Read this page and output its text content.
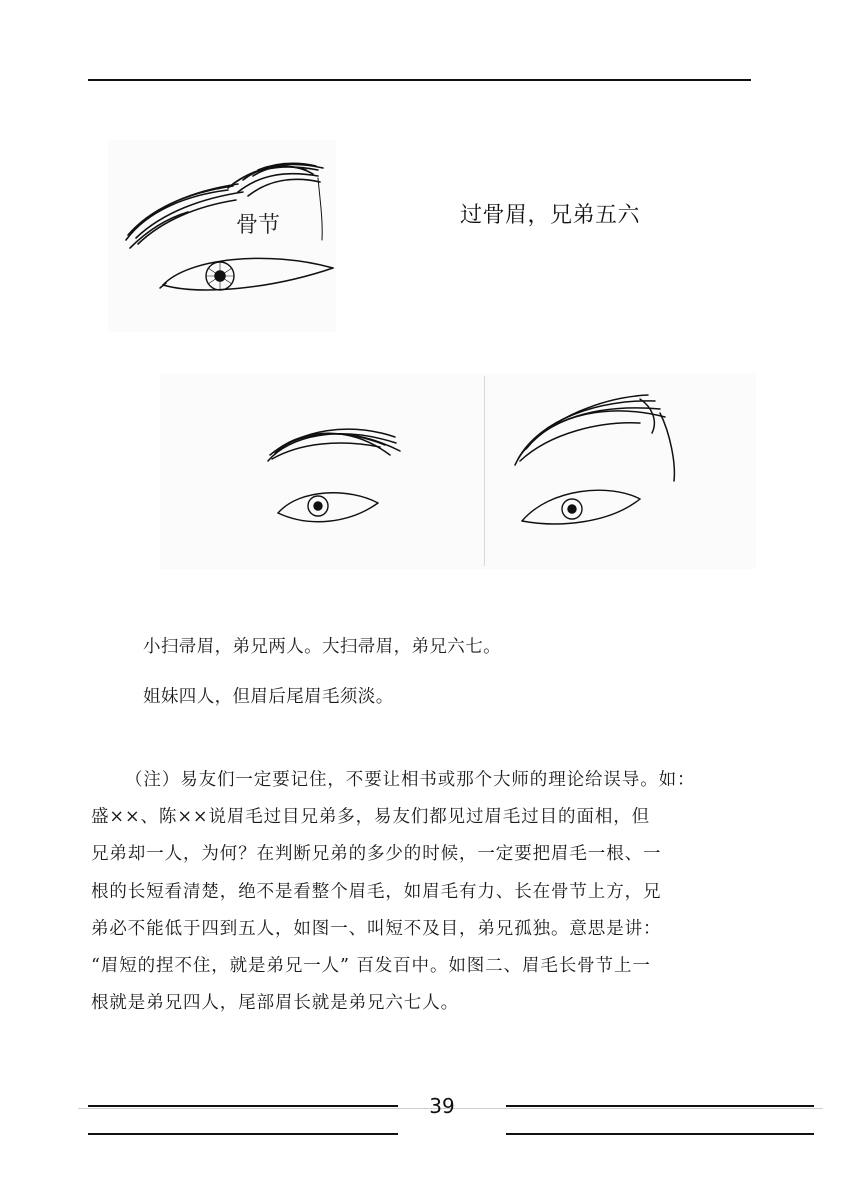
骨节	过骨眉，兄弟五六
小扫帚眉，弟兄两人。大扫帚眉，弟兄六七。
姐妹四人，但眉后尾眉毛须淡。

（注）易友们一定要记住，不要让相书或那个大师的理论给误导。如：

盛××、陈××说眉毛过目兄弟多，易友们都见过眉毛过目的面相，但

兄弟却一人，为何？在判断兄弟的多少的时候，一定要把眉毛一根、一

根的长短看清楚，绝不是看整个眉毛，如眉毛有力、长在骨节上方，兄

弟必不能低于四到五人，如图一、叫短不及目，弟兄孤独。意思是讲：

“眉短的捏不住，就是弟兄一人” 百发百中。如图二、眉毛长骨节上一

根就是弟兄四人，尾部眉长就是弟兄六七人。

39
